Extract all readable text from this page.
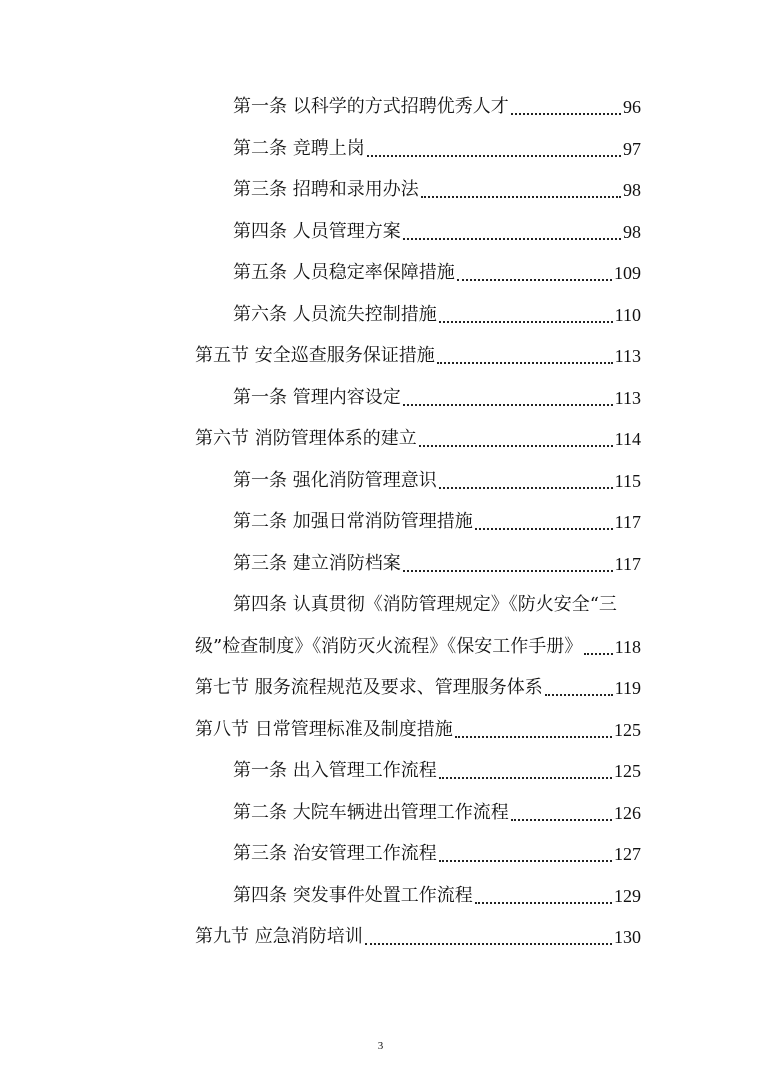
第一条 以科学的方式招聘优秀人才	96
第二条 竞聘上岗	97
第三条 招聘和录用办法	98
第四条 人员管理方案	98
第五条 人员稳定率保障措施	109
第六条 人员流失控制措施	110
第五节 安全巡查服务保证措施	113
第一条 管理内容设定	113
第六节 消防管理体系的建立	114
第一条 强化消防管理意识	115
第二条 加强日常消防管理措施	117
第三条 建立消防档案	117
第四条 认真贯彻《消防管理规定》《防火安全“三
级”检查制度》《消防灭火流程》《保安工作手册》 118
第七节 服务流程规范及要求、管理服务体系	119
第八节 日常管理标准及制度措施	125
第一条 出入管理工作流程	125
第二条 大院车辆进出管理工作流程	126
第三条 治安管理工作流程	127
第四条 突发事件处置工作流程	129
第九节 应急消防培训	130
3
